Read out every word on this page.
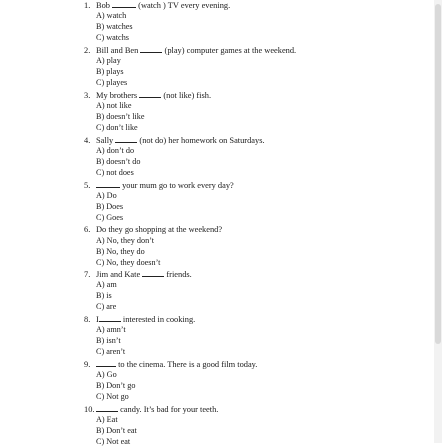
1. Bob	(watch ) TV every evening.
A) watch
B) watches
C) watchs
2. Bill and Ben	(play) computer games at the weekend.
A) play
B) plays
C) playes
3. My brothers	(not like) fish.
A) not like
B) doesn’t like
C) don’t like
4. Sally	(not do) her homework on Saturdays.
A) don’t do
B) doesn’t do
C) not does
5.	your mum go to work every day?
A) Do
B) Does
C) Goes
6. Do they go shopping at the weekend?
A) No, they don’t
B) No, they do
C) No, they doesn’t
7. Jim and Kate	friends.
A) am
B) is
C) are
8. I	interested in cooking.
A) amn’t
B) isn’t
C) aren’t
9.	to the cinema. There is a good film today.
A) Go
B) Don’t go
C) Not go
10.	candy. It’s bad for your teeth.
A) Eat
B) Don’t eat
C) Not eat
